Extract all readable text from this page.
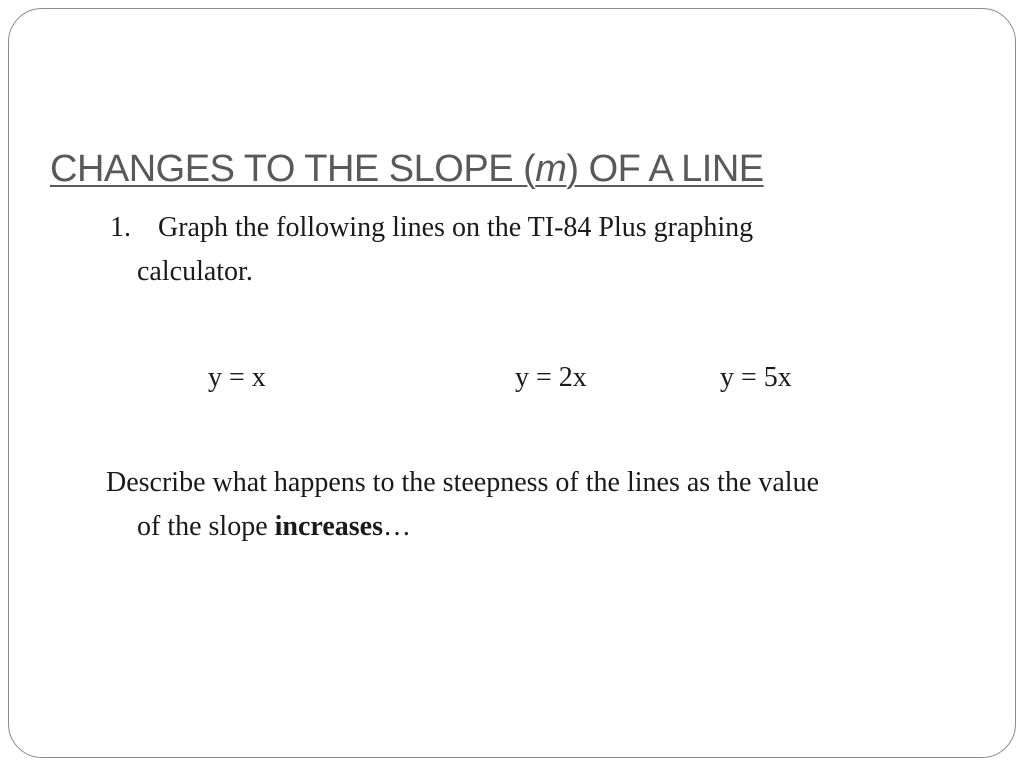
CHANGES TO THE SLOPE (m) OF A LINE
1. Graph the following lines on the TI-84 Plus graphing
calculator.
y = x	y = 2x	y = 5x
Describe what happens to the steepness of the lines as the value
of the slope increases…
